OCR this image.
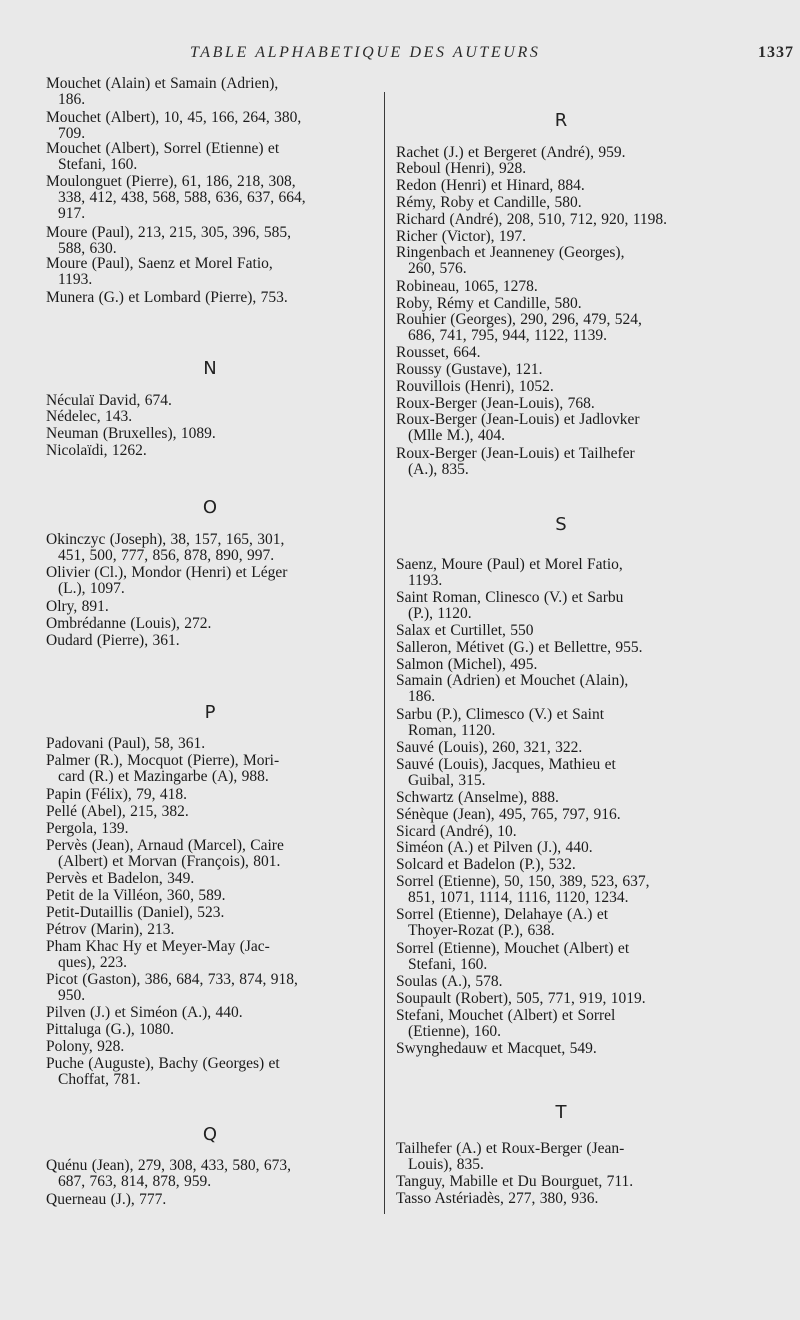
TABLE ALPHABETIQUE DES AUTEURS	1337
Mouchet (Alain) et Samain (Adrien),
186.
Mouchet (Albert), 10, 45, 166, 264, 380,
709.
Mouchet (Albert), Sorrel (Etienne) et
Stefani, 160.
Moulonguet (Pierre), 61, 186, 218, 308,
338, 412, 438, 568, 588, 636, 637, 664,
917.
Moure (Paul), 213, 215, 305, 396, 585,
588, 630.
Moure (Paul), Saenz et Morel Fatio,
1193.
Munera (G.) et Lombard (Pierre), 753.
N
Néculaï David, 674.
Nédelec, 143.
Neuman (Bruxelles), 1089.
Nicolaïdi, 1262.
O
Okinczyc (Joseph), 38, 157, 165, 301,
451, 500, 777, 856, 878, 890, 997.
Olivier (Cl.), Mondor (Henri) et Léger
(L.), 1097.
Olry, 891.
Ombrédanne (Louis), 272.
Oudard (Pierre), 361.
P
Padovani (Paul), 58, 361.
Palmer (R.), Mocquot (Pierre), Mori-
card (R.) et Mazingarbe (A), 988.
Papin (Félix), 79, 418.
Pellé (Abel), 215, 382.
Pergola, 139.
Pervès (Jean), Arnaud (Marcel), Caire
(Albert) et Morvan (François), 801.
Pervès et Badelon, 349.
Petit de la Villéon, 360, 589.
Petit-Dutaillis (Daniel), 523.
Pétrov (Marin), 213.
Pham Khac Hy et Meyer-May (Jac-
ques), 223.
Picot (Gaston), 386, 684, 733, 874, 918,
950.
Pilven (J.) et Siméon (A.), 440.
Pittaluga (G.), 1080.
Polony, 928.
Puche (Auguste), Bachy (Georges) et
Choffat, 781.
Q
Quénu (Jean), 279, 308, 433, 580, 673,
687, 763, 814, 878, 959.
Querneau (J.), 777.
R
Rachet (J.) et Bergeret (André), 959.
Reboul (Henri), 928.
Redon (Henri) et Hinard, 884.
Rémy, Roby et Candille, 580.
Richard (André), 208, 510, 712, 920, 1198.
Richer (Victor), 197.
Ringenbach et Jeanneney (Georges),
260, 576.
Robineau, 1065, 1278.
Roby, Rémy et Candille, 580.
Rouhier (Georges), 290, 296, 479, 524,
686, 741, 795, 944, 1122, 1139.
Rousset, 664.
Roussy (Gustave), 121.
Rouvillois (Henri), 1052.
Roux-Berger (Jean-Louis), 768.
Roux-Berger (Jean-Louis) et Jadlovker
(Mlle M.), 404.
Roux-Berger (Jean-Louis) et Tailhefer
(A.), 835.
S
Saenz, Moure (Paul) et Morel Fatio,
1193.
Saint Roman, Clinesco (V.) et Sarbu
(P.), 1120.
Salax et Curtillet, 550
Salleron, Métivet (G.) et Bellettre, 955.
Salmon (Michel), 495.
Samain (Adrien) et Mouchet (Alain),
186.
Sarbu (P.), Climesco (V.) et Saint
Roman, 1120.
Sauvé (Louis), 260, 321, 322.
Sauvé (Louis), Jacques, Mathieu et
Guibal, 315.
Schwartz (Anselme), 888.
Sénèque (Jean), 495, 765, 797, 916.
Sicard (André), 10.
Siméon (A.) et Pilven (J.), 440.
Solcard et Badelon (P.), 532.
Sorrel (Etienne), 50, 150, 389, 523, 637,
851, 1071, 1114, 1116, 1120, 1234.
Sorrel (Etienne), Delahaye (A.) et
Thoyer-Rozat (P.), 638.
Sorrel (Etienne), Mouchet (Albert) et
Stefani, 160.
Soulas (A.), 578.
Soupault (Robert), 505, 771, 919, 1019.
Stefani, Mouchet (Albert) et Sorrel
(Etienne), 160.
Swynghedauw et Macquet, 549.
T
Tailhefer (A.) et Roux-Berger (Jean-
Louis), 835.
Tanguy, Mabille et Du Bourguet, 711.
Tasso Astériadès, 277, 380, 936.
